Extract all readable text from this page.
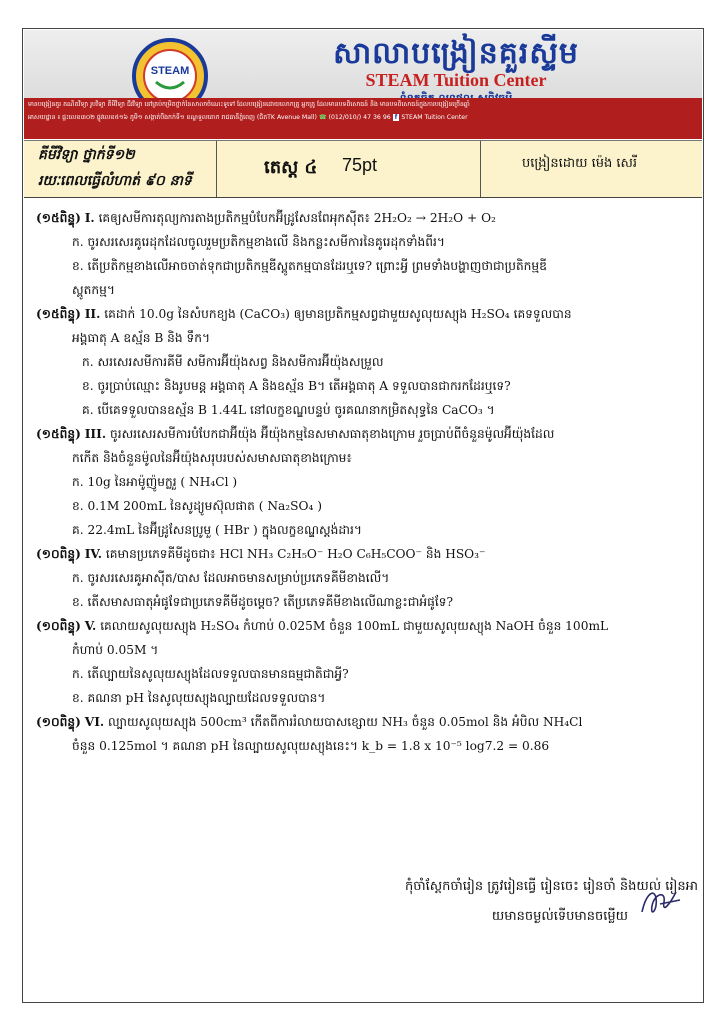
STEAM	សាលាបង្រៀនគួរស្ទីម
STEAM Tuition Center
មានបង្រៀនគួរ គណិតវិទ្យា រូបវិទ្យា គីមីវិទ្យា ជីវវិទ្យា នៅគ្រប់កម្រិតថ្នាក់នៃសាលាចំណេះទូទៅ ដែលបង្រៀនដោយលោកគ្រូ អ្នកគ្រូ ដែលមានបទពិសោធន៍ និង មានបទពិសោធន៍ក្នុងការបង្រៀនច្រើនឆ្នាំ
អាសយដ្ឋាន ៖ ផ្ទះលេខ៣០២ ផ្លូវលេខ៥១៦ ភូមិ១ សង្កាត់បឹងកក់ទី១ ខណ្ឌទួលគោក រាជធានីភ្នំពេញ (ជិតTK Avenue Mall) ☎ (012/010/) 47 36 96 f STEAM Tuition Center
គីមីវិទ្យា ថ្នាក់ទី១២
រយៈពេលធ្វើលំហាត់ ៩០ នាទី
តេស្ត ៤ 75pt	បង្រៀនដោយ ម៉េង សេរី
(១៥ពិន្ទុ) I. គេឲ្យសមីការតុល្យការតាងប្រតិកម្មបំបែកអ៊ីដ្រូសែនពែអុកស៊ីត៖ 2H₂O₂ → 2H₂O + O₂
ក. ចូរសរសេរគូរេដុកដែលចូលរួមប្រតិកម្មខាងលើ និងកន្លះសមីការនៃគូរេដុកទាំងពីរ។
ខ. តើប្រតិកម្មខាងលើអាចចាត់ទុកជាប្រតិកម្មឌីស្ពូតកម្មបានដែរឬទេ? ព្រោះអ្វី ព្រមទាំងបង្ហាញថាជាប្រតិកម្មឌី
ស្ពូតកម្ម។
(១៥ពិន្ទុ) II. គេដាក់ 10.0g នៃសំបកខ្យង (CaCO₃) ឲ្យមានប្រតិកម្មសព្វជាមួយសូលុយស្យុង H₂SO₄ គេទទួលបាន
អង្គធាតុ A ឧស្ម័ន B និង ទឹក។
ក. សរសេរសមីការគីមី សមីការអ៊ីយ៉ុងសព្វ និងសមីការអ៊ីយ៉ុងសម្រួល
ខ. ចូរប្រាប់ឈ្មោះ និងរូបមន្ត អង្គធាតុ A និងឧស្ម័ន B។ តើអង្គធាតុ A ទទួលបានជាករកដែរឬទេ?
គ. បើគេទទួលបានឧស្ម័ន B 1.44L នៅលក្ខខណ្ឌបន្ទប់ ចូរគណនាកម្រិតសុទ្ធនៃ CaCO₃ ។
(១៥ពិន្ទុ) III. ចូរសរសេរសមីការបំបែកជាអ៊ីយ៉ុង អ៊ីយ៉ុងកម្មនៃសមាសធាតុខាងក្រោម រួចប្រាប់ពីចំនួនម៉ូលអ៊ីយ៉ុងដែល
កកើត និងចំនួនម៉ូលនៃអ៊ីយ៉ុងសរុបរបស់សមាសធាតុខាងក្រោម៖
ក. 10g នៃអាម៉ូញ៉ូមក្លរួ ( NH₄Cl )
ខ. 0.1M 200mL នៃសូដ្យូមស៊ុលផាត ( Na₂SO₄ )
គ. 22.4mL នៃអ៊ីដ្រូសែនប្រូមួ ( HBr ) ក្នុងលក្ខខណ្ឌស្តង់ដារ។
(១០ពិន្ទុ) IV. គេមានប្រភេទគីមីដូចជា៖ HCl NH₃ C₂H₅O⁻ H₂O C₆H₅COO⁻ និង HSO₃⁻
ក. ចូរសរសេរគូអាស៊ីត/បាស ដែលអាចមានសម្រាប់ប្រភេទគីមីខាងលើ។
ខ. តើសមាសធាតុអំផូទែជាប្រភេទគីមីដូចម្តេច? តើប្រភេទគីមីខាងលើណាខ្លះជាអំផូទែ?
(១០ពិន្ទុ) V. គេលាយសូលុយស្យុង H₂SO₄ កំហាប់ 0.025M ចំនួន 100mL ជាមួយសូលុយស្យុង NaOH ចំនួន 100mL
កំហាប់ 0.05M ។
ក. តើល្បាយនៃសូលុយស្យុងដែលទទួលបានមានធម្មជាតិជាអ្វី?
ខ. គណនា pH នៃសូលុយស្យុងល្បាយដែលទទួលបាន។
(១០ពិន្ទុ) VI. ល្បាយសូលុយស្យុង 500cm³ កើតពីការរំលាយបាសខ្សោយ NH₃ ចំនួន 0.05mol និង អំបិល NH₄Cl
ចំនួន 0.125mol ។ គណនា pH នៃល្បាយសូលុយស្យុងនេះ។ k_b = 1.8 x 10⁻⁵ log7.2 = 0.86
កុំចាំស្ដែកចាំរៀន ត្រូវរៀនធ្វើ រៀនចេះ រៀនចាំ និងយល់ រៀនអា
យមានចម្ងល់ទើបមានចម្លើយ
